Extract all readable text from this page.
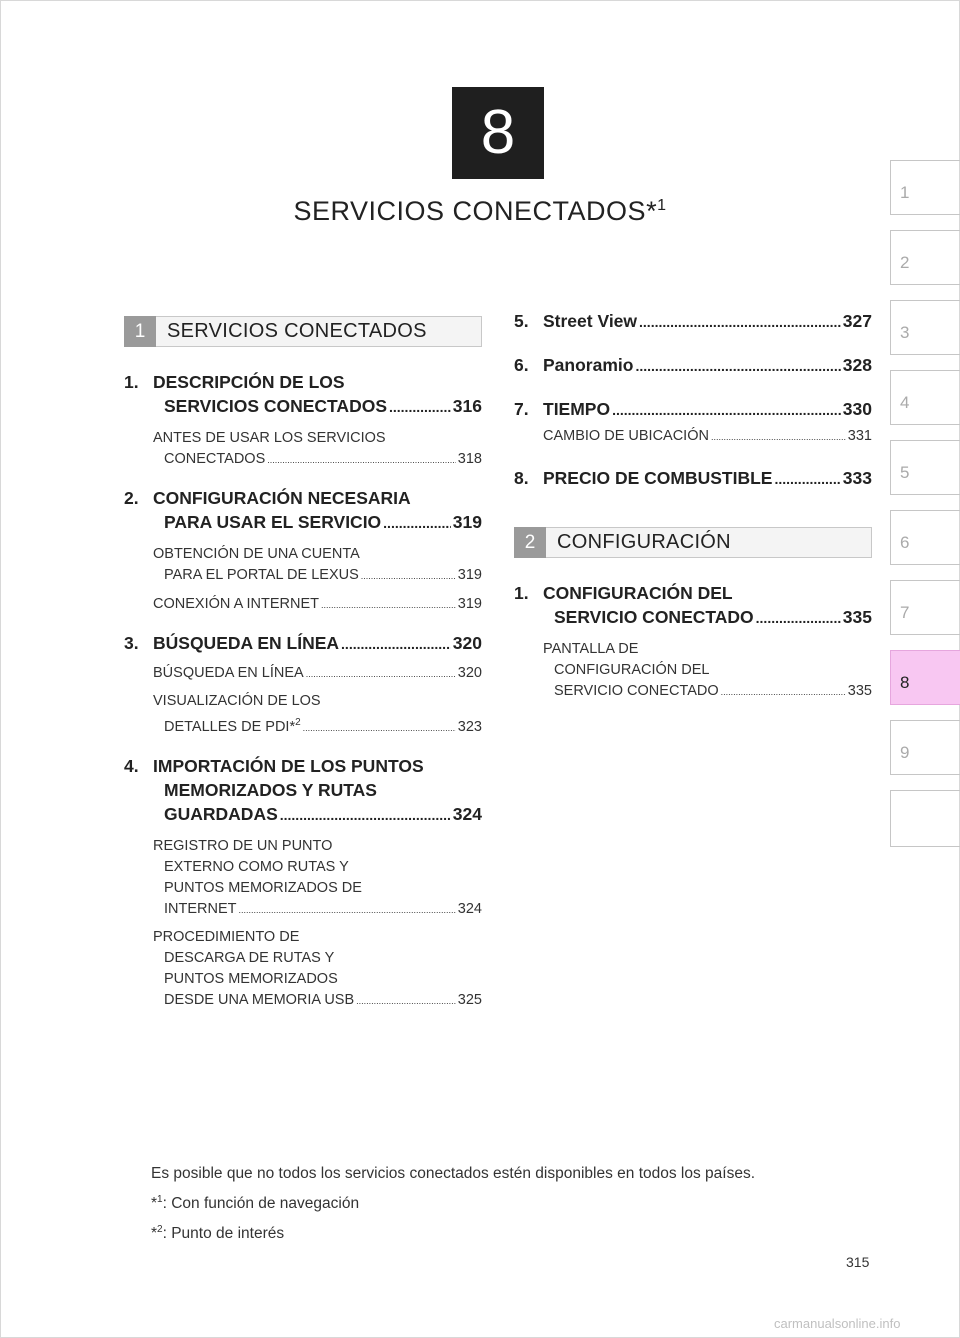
8
SERVICIOS CONECTADOS*$^1$
1
2
3
4
5
6
7
8
9
1	SERVICIOS CONECTADOS
2	CONFIGURACIÓN
1. DESCRIPCIÓN DE LOS
SERVICIOS CONECTADOS .....	316
ANTES DE USAR LOS SERVICIOS
CONECTADOS .....	318
2. CONFIGURACIÓN NECESARIA
PARA USAR EL SERVICIO .....	319
OBTENCIÓN DE UNA CUENTA
PARA EL PORTAL DE LEXUS .....	319
CONEXIÓN A INTERNET .....	319
3. BÚSQUEDA EN LÍNEA .....	320
BÚSQUEDA EN LÍNEA .....	320
VISUALIZACIÓN DE LOS
DETALLES DE PDI*$^2$ .....	323
4. IMPORTACIÓN DE LOS PUNTOS
MEMORIZADOS Y RUTAS
GUARDADAS .....	324
REGISTRO DE UN PUNTO
EXTERNO COMO RUTAS Y
PUNTOS MEMORIZADOS DE
INTERNET .....	324
PROCEDIMIENTO DE
DESCARGA DE RUTAS Y
PUNTOS MEMORIZADOS
DESDE UNA MEMORIA USB .....	325
5. Street View .....	327
6. Panoramio .....	328
7. TIEMPO .....	330
CAMBIO DE UBICACIÓN .....	331
8. PRECIO DE COMBUSTIBLE .....	333
1. CONFIGURACIÓN DEL
SERVICIO CONECTADO .....	335
PANTALLA DE
CONFIGURACIÓN DEL
SERVICIO CONECTADO .....	335
Es posible que no todos los servicios conectados estén disponibles en todos los países.
*$^1$: Con función de navegación
*$^2$: Punto de interés
315
carmanualsonline.info
